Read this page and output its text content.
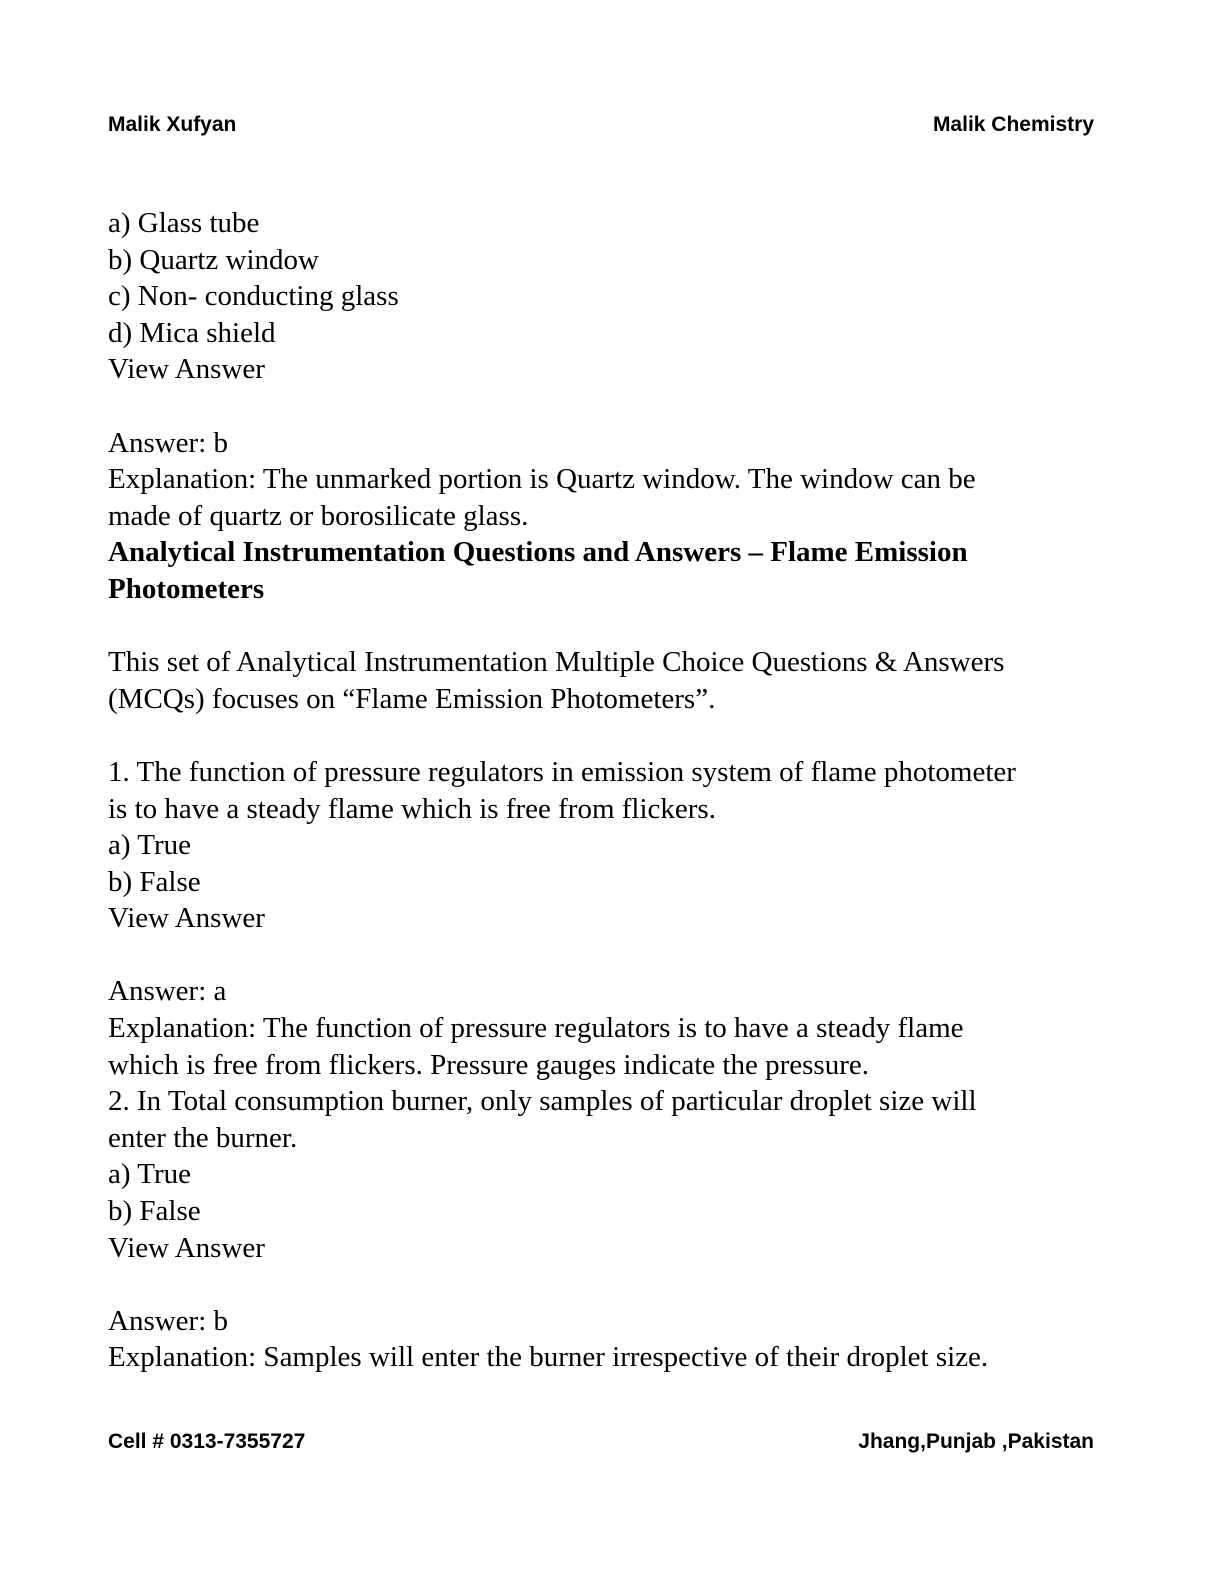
Malik Xufyan	Malik Chemistry
a) Glass tube
b) Quartz window
c) Non- conducting glass
d) Mica shield
View Answer
Answer: b
Explanation: The unmarked portion is Quartz window. The window can be
made of quartz or borosilicate glass.
Analytical Instrumentation Questions and Answers – Flame Emission
Photometers
This set of Analytical Instrumentation Multiple Choice Questions & Answers
(MCQs) focuses on “Flame Emission Photometers”.
1. The function of pressure regulators in emission system of flame photometer
is to have a steady flame which is free from flickers.
a) True
b) False
View Answer
Answer: a
Explanation: The function of pressure regulators is to have a steady flame
which is free from flickers. Pressure gauges indicate the pressure.
2. In Total consumption burner, only samples of particular droplet size will
enter the burner.
a) True
b) False
View Answer
Answer: b
Explanation: Samples will enter the burner irrespective of their droplet size.
Cell # 0313-7355727	Jhang,Punjab ,Pakistan
